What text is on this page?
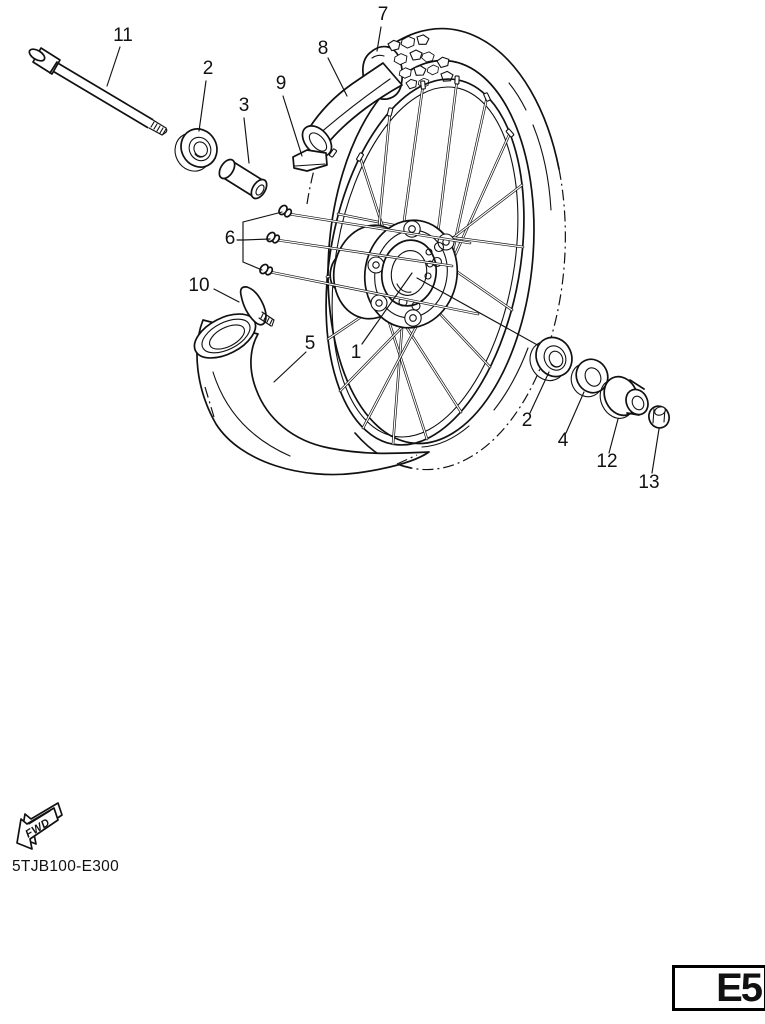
FWD
5TJB100-E300
1
2
3
4
5
6
7
8
9
10
11
12
13
2
E5
